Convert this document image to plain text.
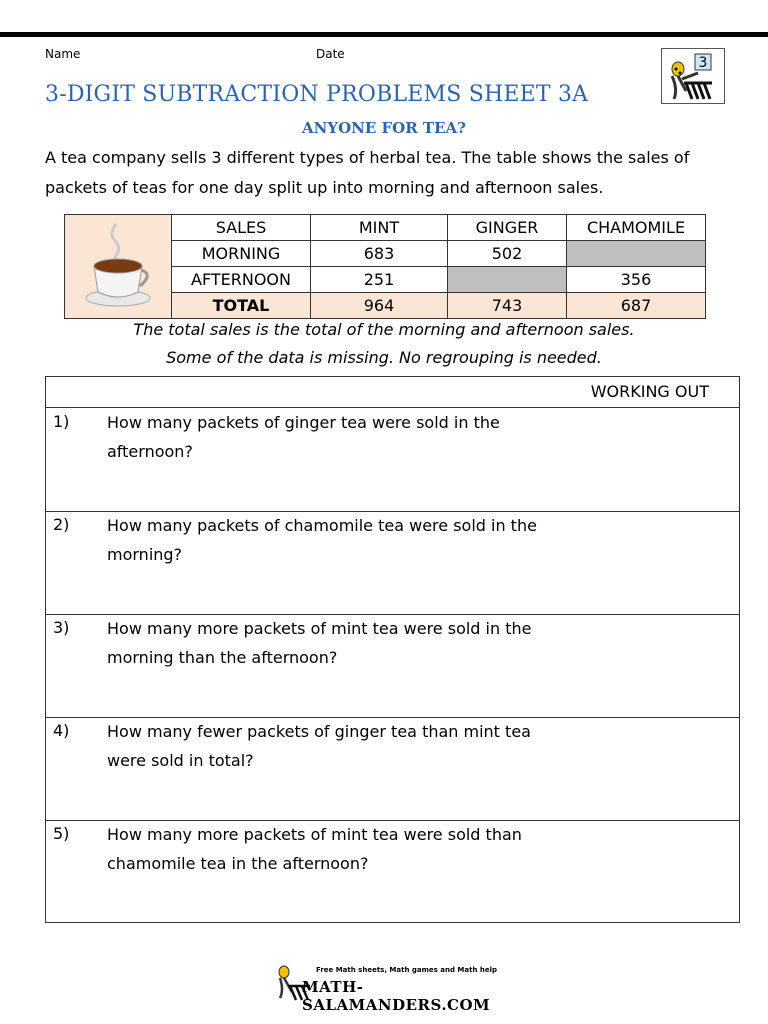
Name	Date
3
3-DIGIT SUBTRACTION PROBLEMS SHEET 3A
ANYONE FOR TEA?
A tea company sells 3 different types of herbal tea. The table shows the sales of packets of teas for one day split up into morning and afternoon sales.
	SALES	MINT	GINGER	CHAMOMILE
	MORNING	683	502	
	AFTERNOON	251		356
	TOTAL	964	743	687
The total sales is the total of the morning and afternoon sales.
Some of the data is missing. No regrouping is needed.
WORKING OUT
1) How many packets of ginger tea were sold in the afternoon?
2) How many packets of chamomile tea were sold in the morning?
3) How many more packets of mint tea were sold in the morning than the afternoon?
4) How many fewer packets of ginger tea than mint tea were sold in total?
5) How many more packets of mint tea were sold than chamomile tea in the afternoon?
Free Math sheets, Math games and Math help
MATH-SALAMANDERS.COM
